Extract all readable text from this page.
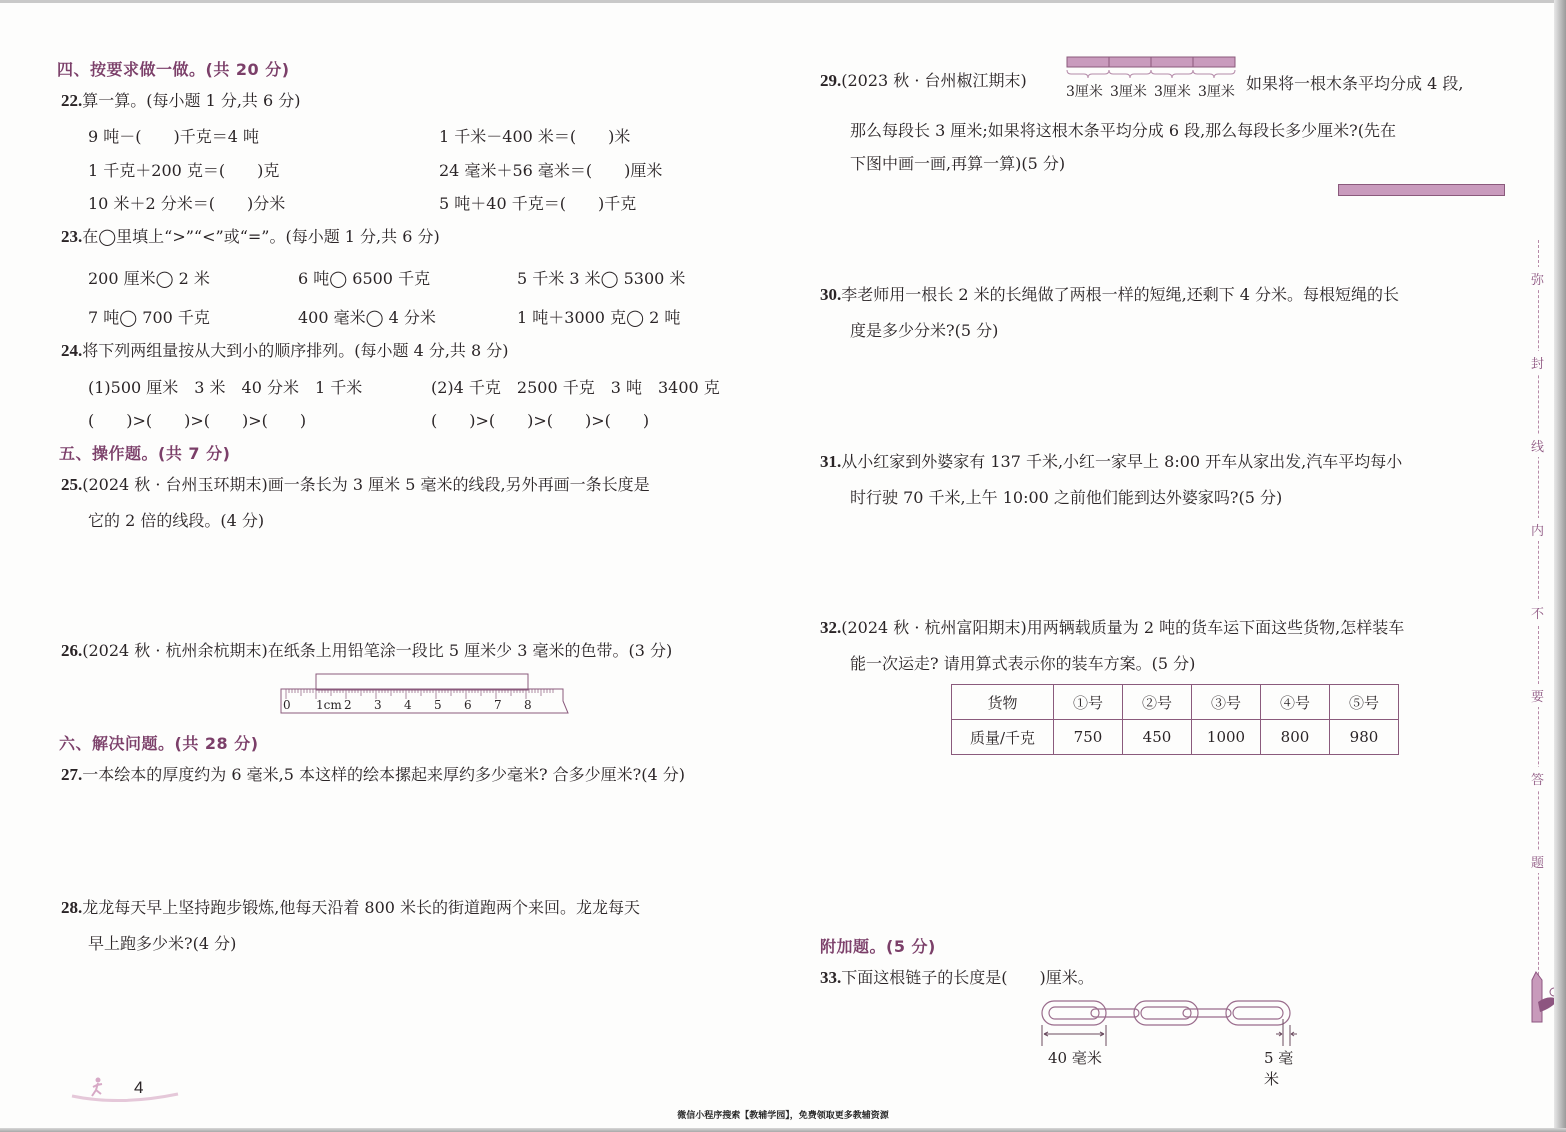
四、按要求做一做。(共 20 分)
22.算一算。(每小题 1 分,共 6 分)
9 吨－(　　)千克＝4 吨	1 千米－400 米＝(　　)米
1 千克＋200 克＝(　　)克	24 毫米＋56 毫米＝(　　)厘米
10 米＋2 分米＝(　　)分米	5 吨＋40 千克＝(　　)千克
23.在◯里填上“>”“<”或“=”。(每小题 1 分,共 6 分)
200 厘米◯ 2 米	6 吨◯ 6500 千克	5 千米 3 米◯ 5300 米
7 吨◯ 700 千克	400 毫米◯ 4 分米	1 吨＋3000 克◯ 2 吨
24.将下列两组量按从大到小的顺序排列。(每小题 4 分,共 8 分)
(1)500 厘米　3 米　40 分米　1 千米	(2)4 千克　2500 千克　3 吨　3400 克
(　　)>(　　)>(　　)>(　　)	(　　)>(　　)>(　　)>(　　)
五、操作题。(共 7 分)
25.(2024 秋 · 台州玉环期末)画一条长为 3 厘米 5 毫米的线段,另外再画一条长度是
它的 2 倍的线段。(4 分)
26.(2024 秋 · 杭州余杭期末)在纸条上用铅笔涂一段比 5 厘米少 3 毫米的色带。(3 分)
0 1cm 2 3 4 5 6 7 8
六、解决问题。(共 28 分)
27.一本绘本的厚度约为 6 毫米,5 本这样的绘本摞起来厚约多少毫米? 合多少厘米?(4 分)
28.龙龙每天早上坚持跑步锻炼,他每天沿着 800 米长的街道跑两个来回。龙龙每天
早上跑多少米?(4 分)
4
29.(2023 秋 · 台州椒江期末)
3厘米 3厘米 3厘米 3厘米 如果将一根木条平均分成 4 段,
那么每段长 3 厘米;如果将这根木条平均分成 6 段,那么每段长多少厘米?(先在
下图中画一画,再算一算)(5 分)
30.李老师用一根长 2 米的长绳做了两根一样的短绳,还剩下 4 分米。每根短绳的长
度是多少分米?(5 分)
31.从小红家到外婆家有 137 千米,小红一家早上 8:00 开车从家出发,汽车平均每小
时行驶 70 千米,上午 10:00 之前他们能到达外婆家吗?(5 分)
32.(2024 秋 · 杭州富阳期末)用两辆载质量为 2 吨的货车运下面这些货物,怎样装车
能一次运走? 请用算式表示你的装车方案。(5 分)
货物	①号	②号	③号	④号	⑤号
质量/千克	750	450	1000	800	980
附加题。(5 分)
33.下面这根链子的长度是(　　)厘米。
40 毫米	5 毫米
弥
封
线
内
不
要
答
题
微信小程序搜索【教辅学园】，免费领取更多教辅资源
